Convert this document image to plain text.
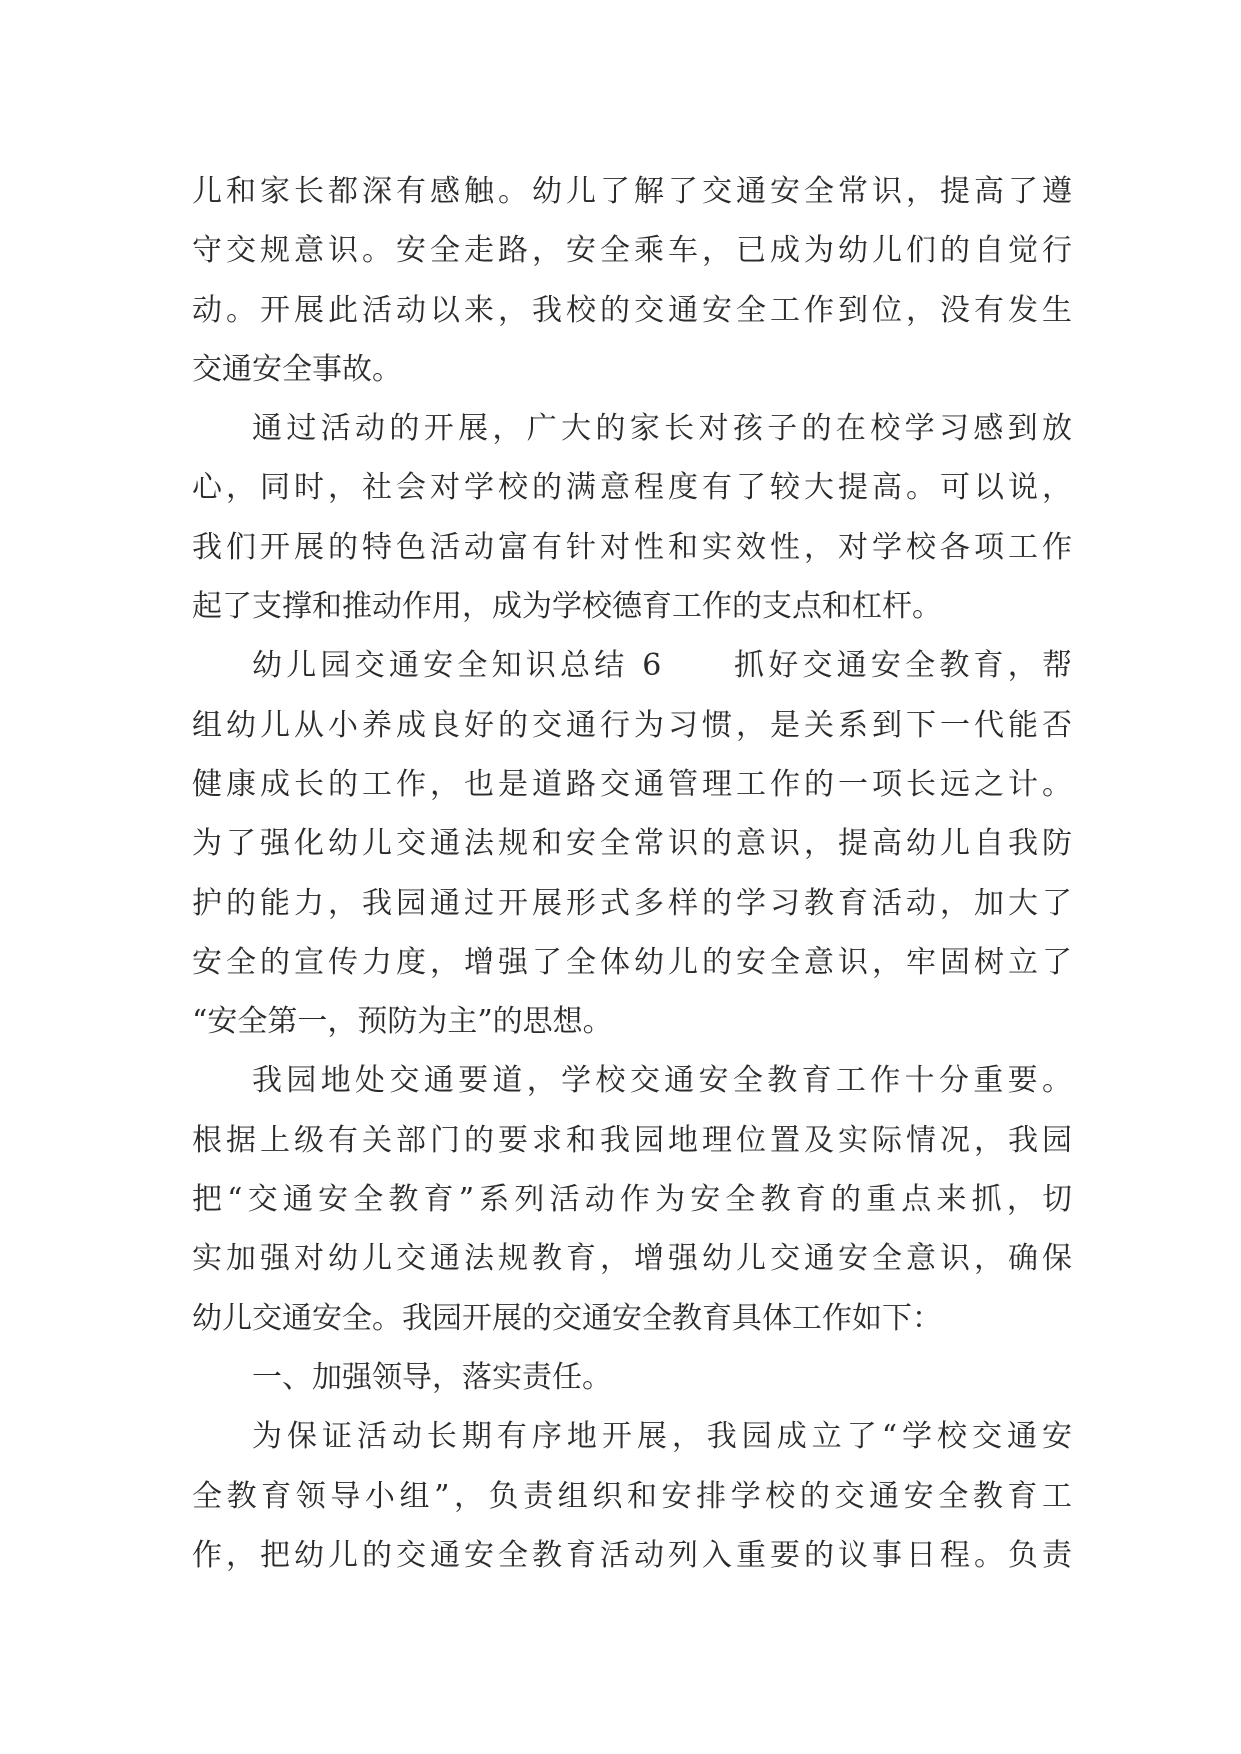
儿和家长都深有感触。幼儿了解了交通安全常识，提高了遵
守交规意识。安全走路，安全乘车，已成为幼儿们的自觉行
动。开展此活动以来，我校的交通安全工作到位，没有发生
交通安全事故。
通过活动的开展，广大的家长对孩子的在校学习感到放
心，同时，社会对学校的满意程度有了较大提高。可以说，
我们开展的特色活动富有针对性和实效性，对学校各项工作
起了支撑和推动作用，成为学校德育工作的支点和杠杆。
幼儿园交通安全知识总结 6　　抓好交通安全教育，帮
组幼儿从小养成良好的交通行为习惯，是关系到下一代能否
健康成长的工作，也是道路交通管理工作的一项长远之计。
为了强化幼儿交通法规和安全常识的意识，提高幼儿自我防
护的能力，我园通过开展形式多样的学习教育活动，加大了
安全的宣传力度，增强了全体幼儿的安全意识，牢固树立了
“安全第一，预防为主”的思想。
我园地处交通要道，学校交通安全教育工作十分重要。
根据上级有关部门的要求和我园地理位置及实际情况，我园
把“交通安全教育”系列活动作为安全教育的重点来抓，切
实加强对幼儿交通法规教育，增强幼儿交通安全意识，确保
幼儿交通安全。我园开展的交通安全教育具体工作如下：
一、加强领导，落实责任。
为保证活动长期有序地开展，我园成立了“学校交通安
全教育领导小组”，负责组织和安排学校的交通安全教育工
作，把幼儿的交通安全教育活动列入重要的议事日程。负责
